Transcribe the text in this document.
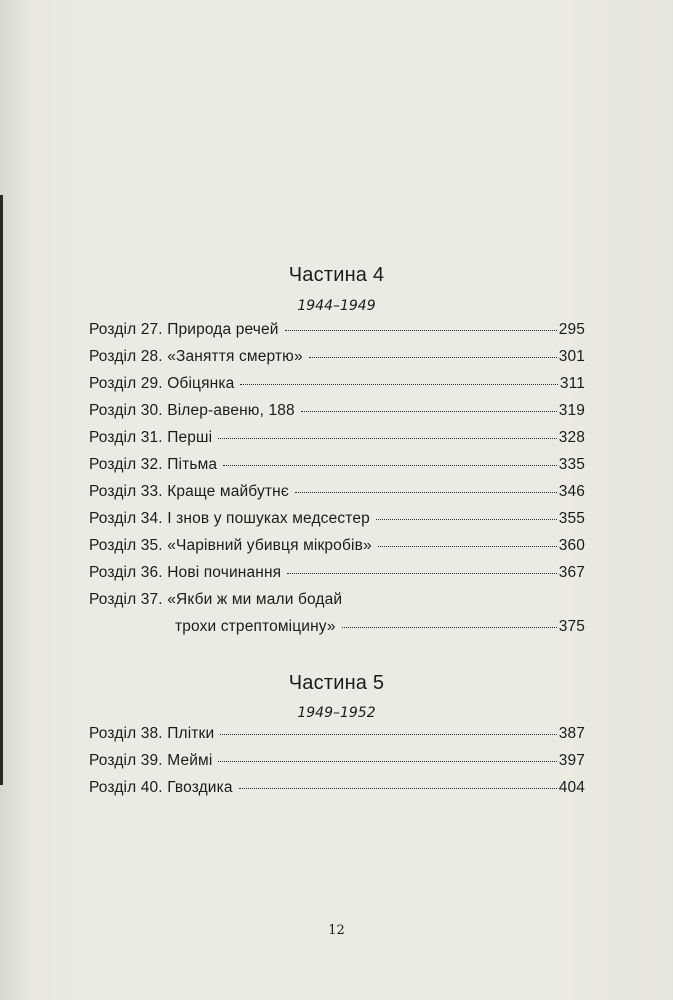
Частина 4
1944–1949
Розділ 27. Природа речей	295
Розділ 28. «Заняття смертю»	301
Розділ 29. Обіцянка	311
Розділ 30. Вілер-авеню, 188	319
Розділ 31. Перші	328
Розділ 32. Пітьма	335
Розділ 33. Краще майбутнє	346
Розділ 34. І знов у пошуках медсестер	355
Розділ 35. «Чарівний убивця мікробів»	360
Розділ 36. Нові починання	367
Розділ 37. «Якби ж ми мали бодай
трохи стрептоміцину»	375
Частина 5
1949–1952
Розділ 38. Плітки	387
Розділ 39. Меймі	397
Розділ 40. Гвоздика	404
12
